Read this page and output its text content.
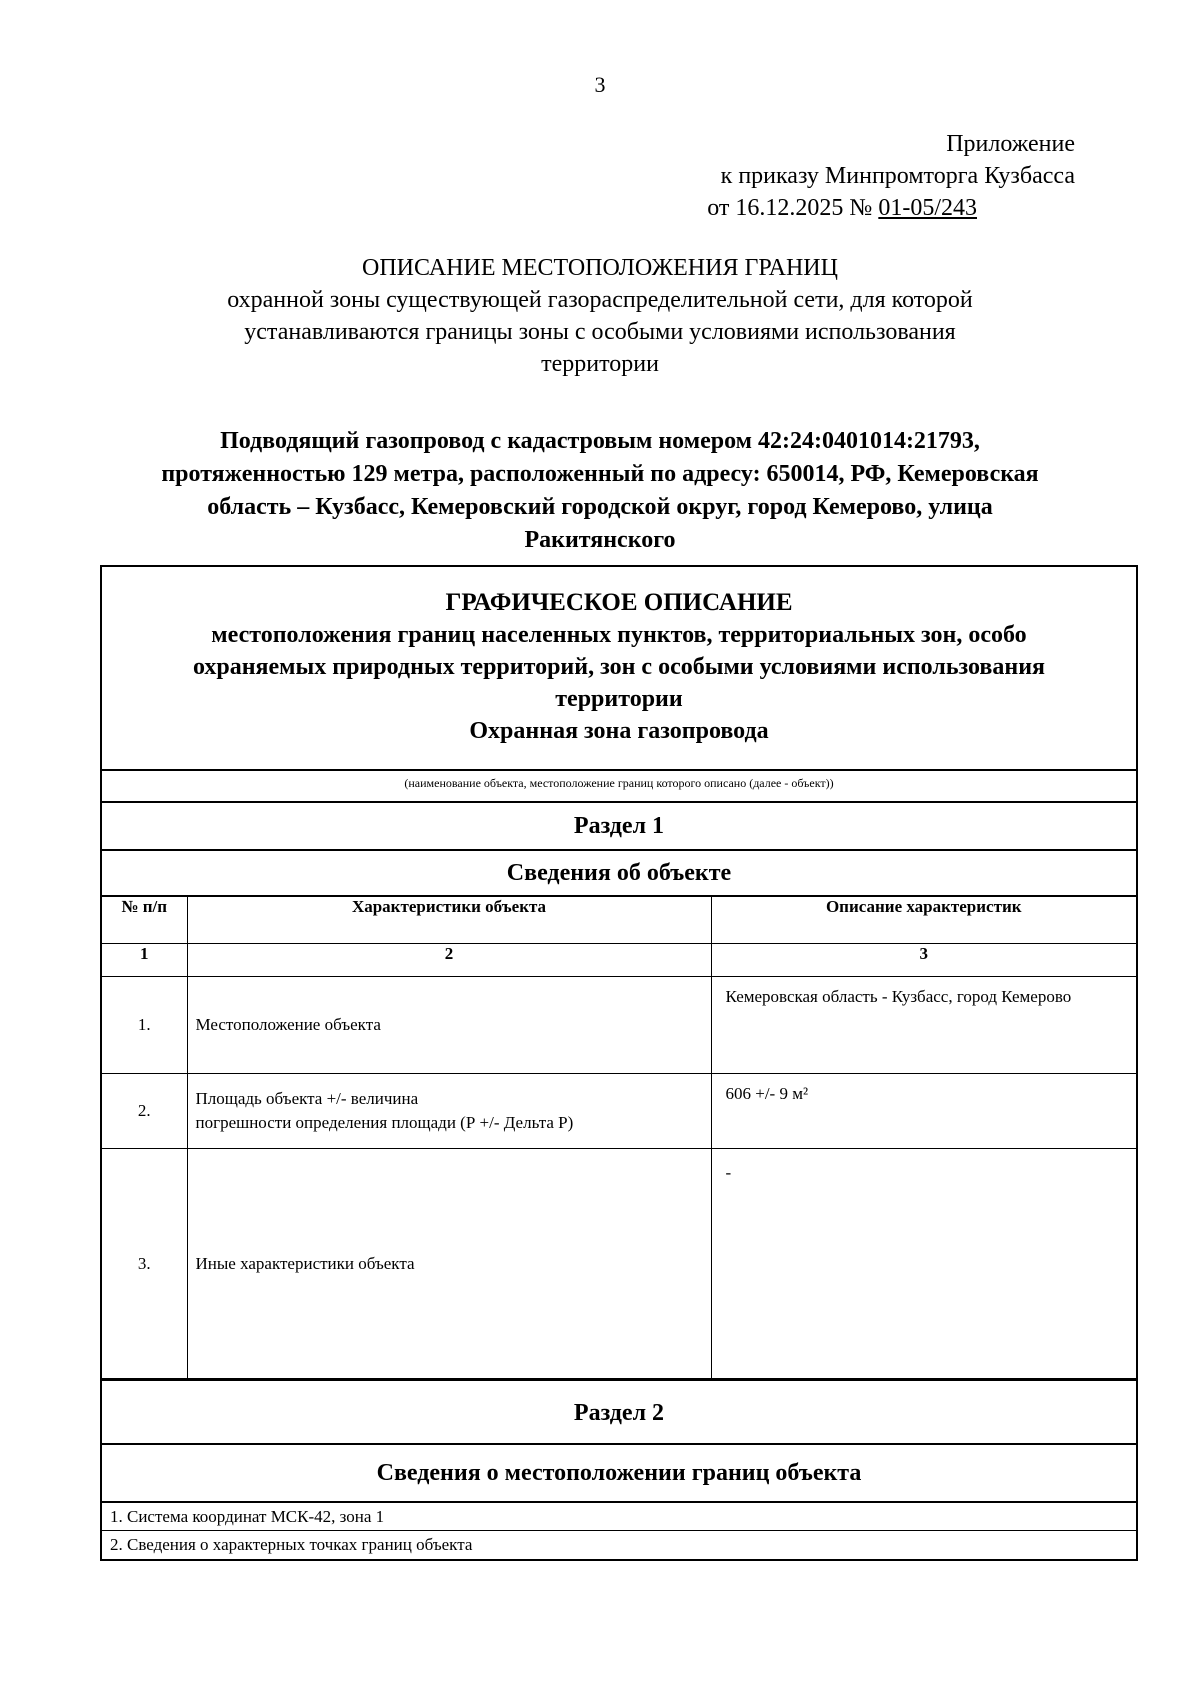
3
Приложение
к приказу Минпромторга Кузбасса
от 16.12.2025 № 01-05/243
ОПИСАНИЕ МЕСТОПОЛОЖЕНИЯ ГРАНИЦ
охранной зоны существующей газораспределительной сети, для которой
устанавливаются границы зоны с особыми условиями использования
территории
Подводящий газопровод с кадастровым номером 42:24:0401014:21793,
протяженностью 129 метра, расположенный по адресу: 650014, РФ, Кемеровская
область – Кузбасс, Кемеровский городской округ, город Кемерово, улица
Ракитянского
ГРАФИЧЕСКОЕ ОПИСАНИЕ
местоположения границ населенных пунктов, территориальных зон, особо
охраняемых природных территорий, зон с особыми условиями использования
территории
Охранная зона газопровода
(наименование объекта, местоположение границ которого описано (далее - объект))
Раздел 1
Сведения об объекте
№ п/п	Характеристики объекта	Описание характеристик
1	2	3
1.	Местоположение объекта	Кемеровская область - Кузбасс, город Кемерово
2.	Площадь объекта +/- величина
погрешности определения площади (Р +/- Дельта Р)	606 +/- 9 м²
3.	Иные характеристики объекта	-
Раздел 2
Сведения о местоположении границ объекта
1. Система координат МСК-42, зона 1
2. Сведения о характерных точках границ объекта
